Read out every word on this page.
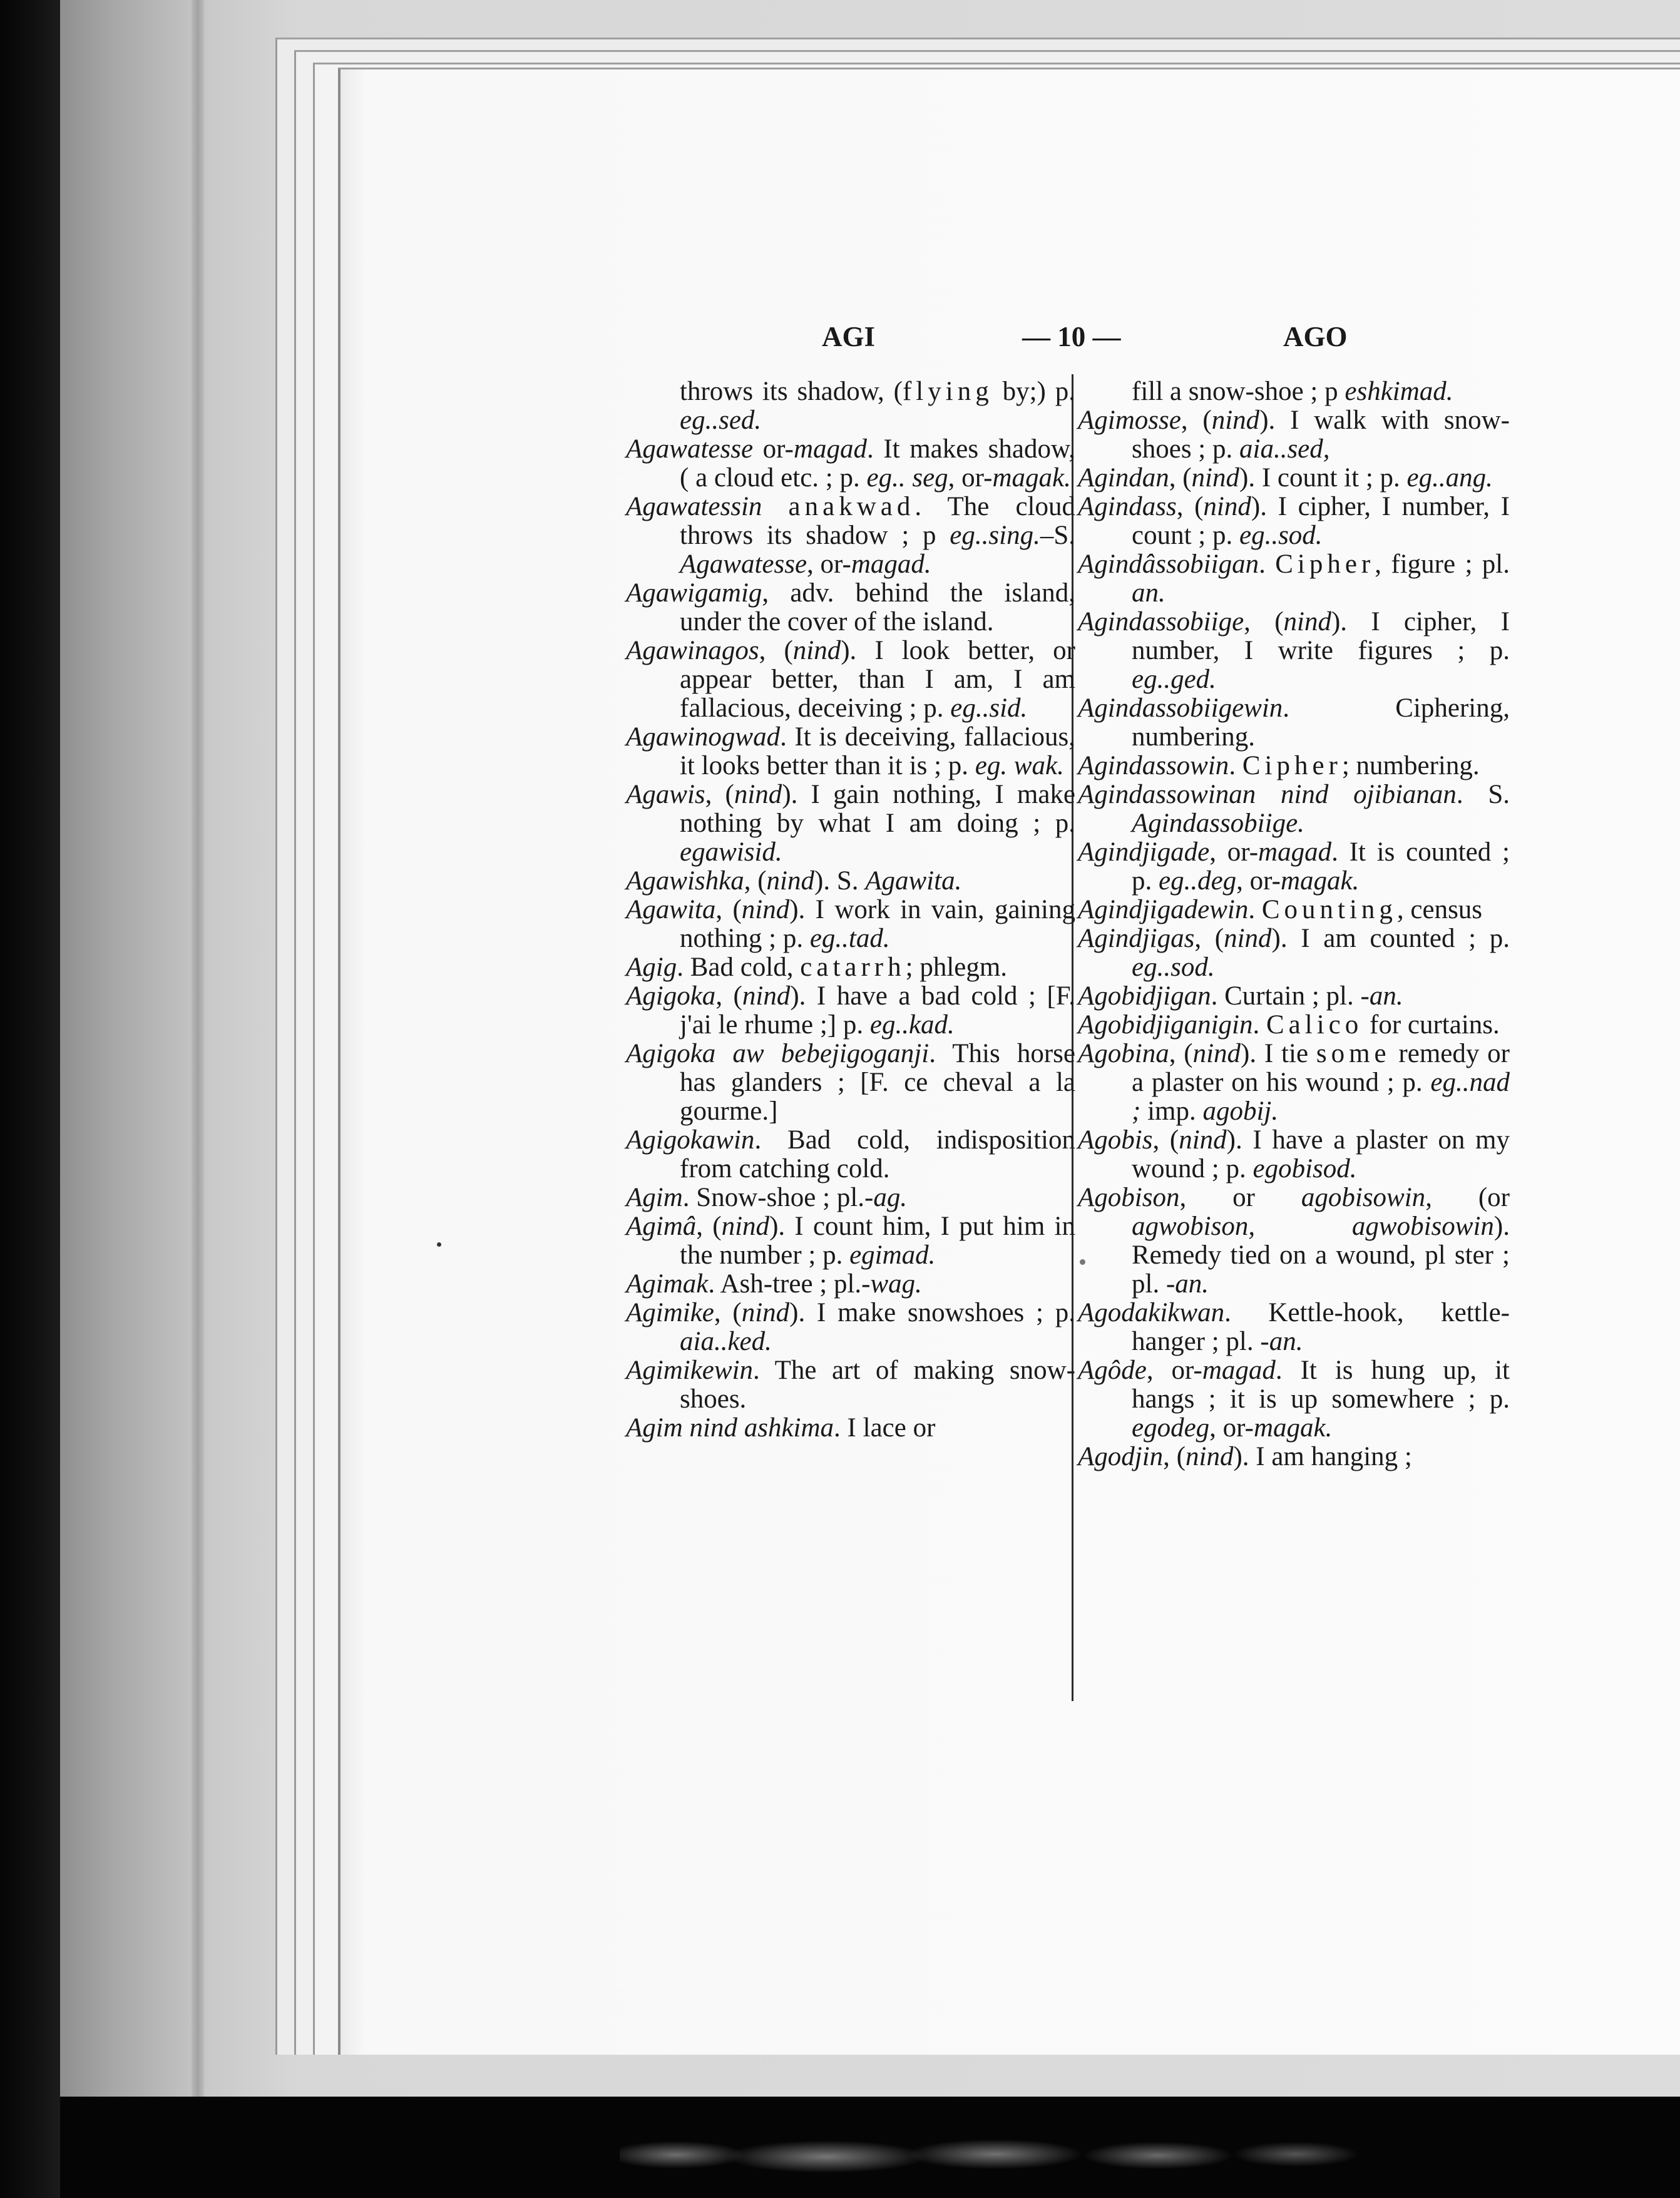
AGI	— 10 —	AGO

throws its shadow, (flying by;) p. eg..sed.

Agawatesse or-magad. It makes shadow, ( a cloud etc. ; p. eg.. seg, or-magak.

Agawatessin anakwad. The cloud throws its shadow ; p eg..sing.–S. Agawatesse, or-magad.

Agawigamig, adv. behind the island, under the cover of the island.

Agawinagos, (nind). I look better, or appear better, than I am, I am fallacious, deceiving ; p. eg..sid.

Agawinogwad. It is deceiving, fallacious, it looks better than it is ; p. eg. wak.

Agawis, (nind). I gain nothing, I make nothing by what I am doing ; p. egawisid.

Agawishka, (nind). S. Agawita.

Agawita, (nind). I work in vain, gaining nothing ; p. eg..tad.

Agig. Bad cold, catarrh; phlegm.

Agigoka, (nind). I have a bad cold ; [F. j'ai le rhume ;] p. eg..kad.

Agigoka aw bebejigoganji. This horse has glanders ; [F. ce cheval a la gourme.]

Agigokawin. Bad cold, indisposition from catching cold.

Agim. Snow-shoe ; pl.-ag.

Agimâ, (nind). I count him, I put him in the number ; p. egimad.

Agimak. Ash-tree ; pl.-wag.

Agimike, (nind). I make snowshoes ; p. aia..ked.

Agimikewin. The art of making snow-shoes.

Agim nind ashkima. I lace or

fill a snow-shoe ; p eshkimad.

Agimosse, (nind). I walk with snow-shoes ; p. aia..sed,

Agindan, (nind). I count it ; p. eg..ang.

Agindass, (nind). I cipher, I number, I count ; p. eg..sod.

Agindâssobiigan. Cipher, figure ; pl. an.

Agindassobiige, (nind). I cipher, I number, I write figures ; p. eg..ged.

Agindassobiigewin. Ciphering, numbering.

Agindassowin. Cipher; numbering.

Agindassowinan nind ojibianan. S. Agindassobiige.

Agindjigade, or-magad. It is counted ; p. eg..deg, or-magak.

Agindjigadewin. Counting, census

Agindjigas, (nind). I am counted ; p. eg..sod.

Agobidjigan. Curtain ; pl. -an.

Agobidjiganigin. Calico for curtains.

Agobina, (nind). I tie some remedy or a plaster on his wound ; p. eg..nad ; imp. agobij.

Agobis, (nind). I have a plaster on my wound ; p. egobisod.

Agobison, or agobisowin, (or agwobison, agwobisowin). Remedy tied on a wound, pl ster ; pl. -an.

Agodakikwan. Kettle-hook, kettle-hanger ; pl. -an.

Agôde, or-magad. It is hung up, it hangs ; it is up somewhere ; p. egodeg, or-magak.

Agodjin, (nind). I am hanging ;
